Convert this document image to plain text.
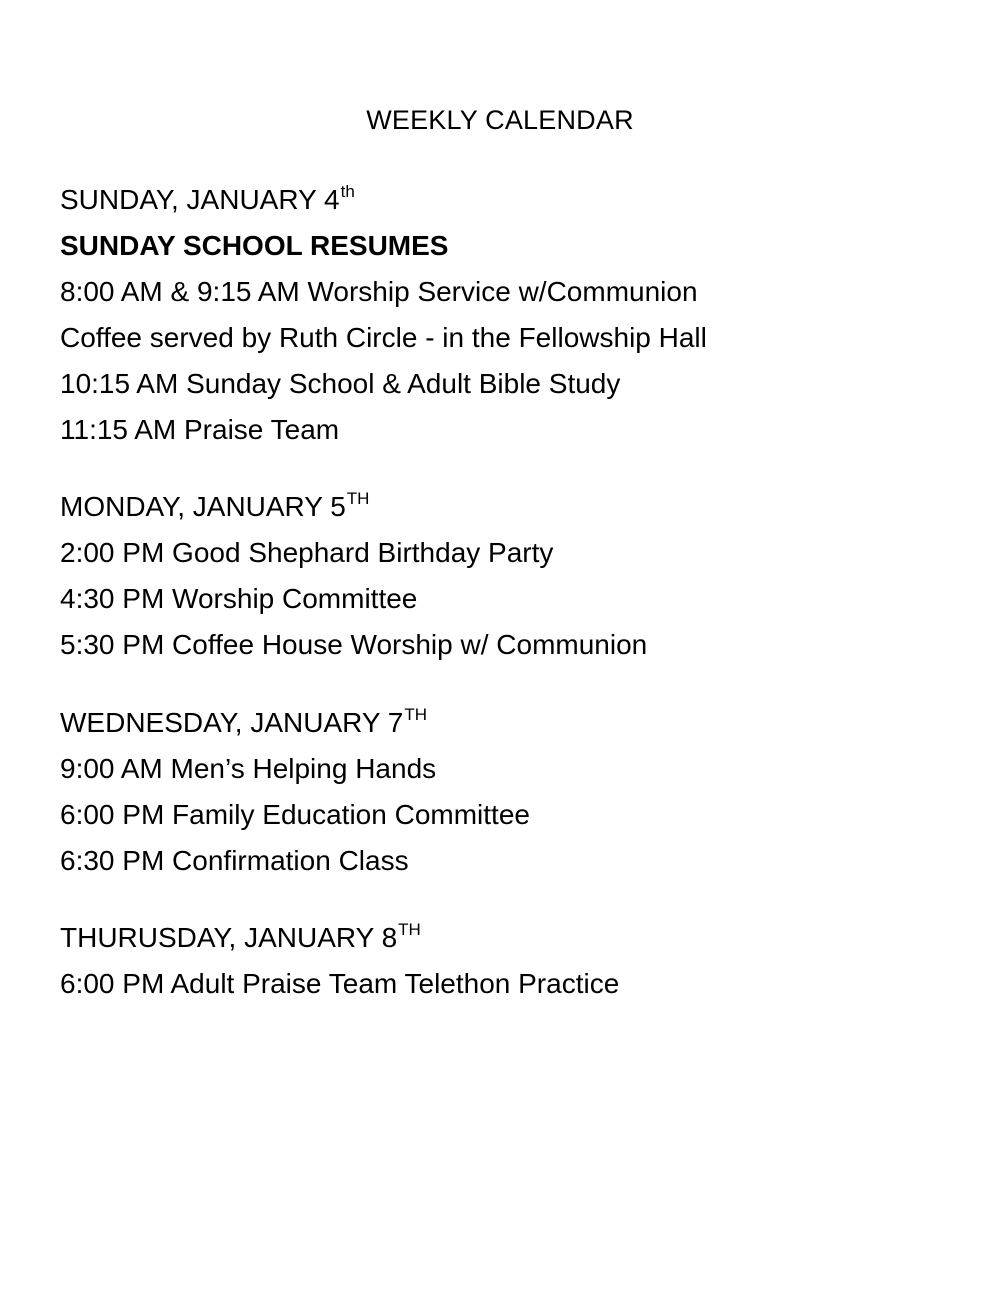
WEEKLY CALENDAR
SUNDAY, JANUARY 4th
SUNDAY SCHOOL RESUMES
8:00 AM & 9:15 AM Worship Service w/Communion
Coffee served by Ruth Circle - in the Fellowship Hall
10:15 AM Sunday School & Adult Bible Study
11:15 AM Praise Team
MONDAY, JANUARY 5TH
2:00 PM Good Shephard Birthday Party
4:30 PM Worship Committee
5:30 PM Coffee House Worship w/ Communion
WEDNESDAY, JANUARY 7TH
9:00 AM Men’s Helping Hands
6:00 PM Family Education Committee
6:30 PM Confirmation Class
THURUSDAY, JANUARY 8TH
6:00 PM Adult Praise Team Telethon Practice
